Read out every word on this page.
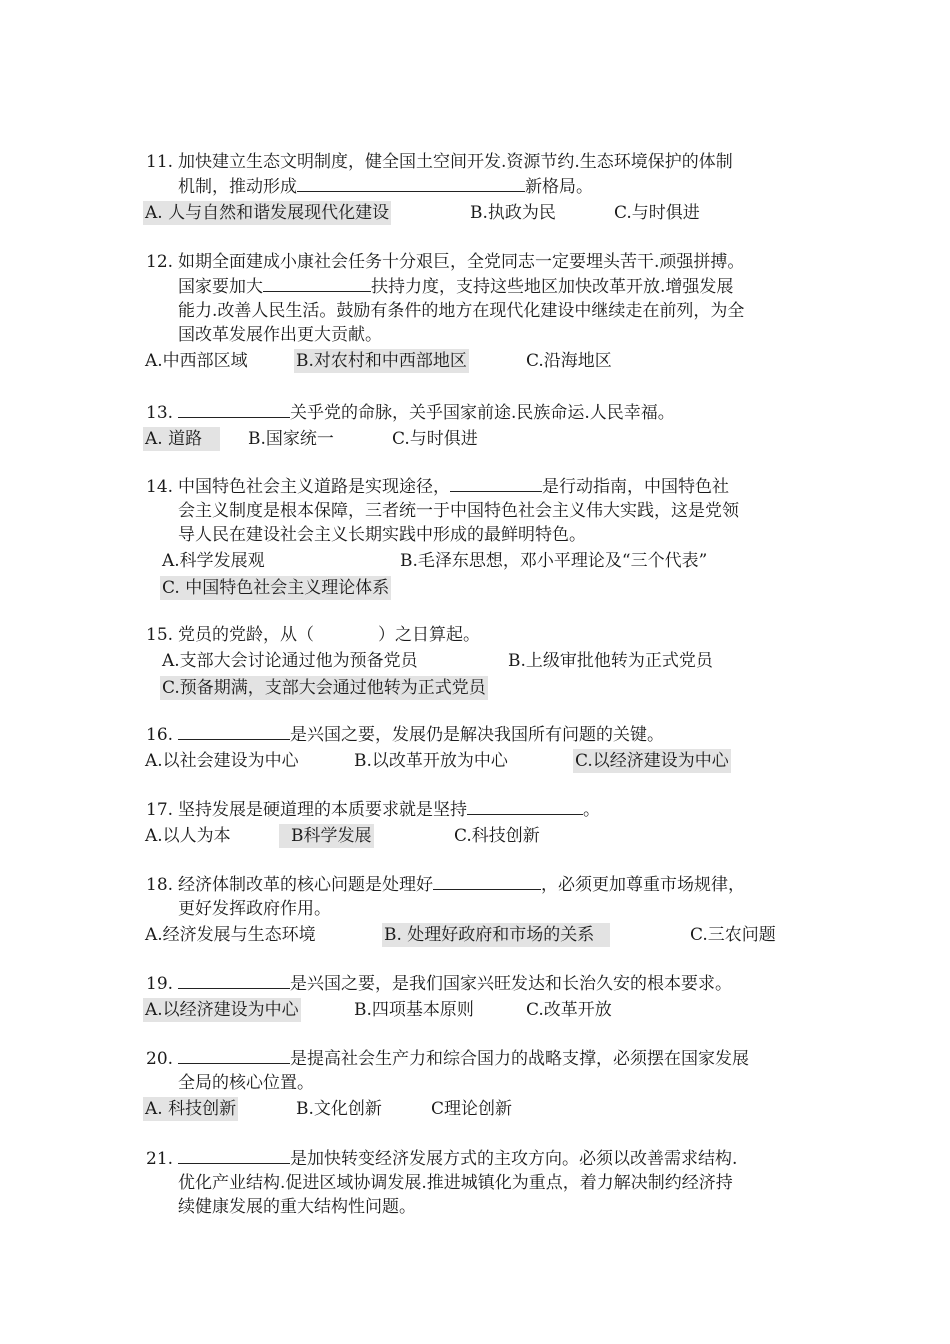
11. 加快建立生态文明制度，健全国土空间开发.资源节约.生态环境保护的体制

机制，推动形成	新格局。

A. 人与自然和谐发展现代化建设	B.执政为民	C.与时俱进

12. 如期全面建成小康社会任务十分艰巨，全党同志一定要埋头苦干.顽强拼搏。

国家要加大	扶持力度，支持这些地区加快改革开放.增强发展

能力.改善人民生活。鼓励有条件的地方在现代化建设中继续走在前列，为全

国改革发展作出更大贡献。

A.中西部区域	B.对农村和中西部地区	C.沿海地区

13.	关乎党的命脉，关乎国家前途.民族命运.人民幸福。

A. 道路	B.国家统一	C.与时俱进

14. 中国特色社会主义道路是实现途径，	是行动指南，中国特色社

会主义制度是根本保障，三者统一于中国特色社会主义伟大实践，这是党领

导人民在建设社会主义长期实践中形成的最鲜明特色。

A.科学发展观	B.毛泽东思想，邓小平理论及“三个代表”
C. 中国特色社会主义理论体系

15. 党员的党龄，从（	）之日算起。

A.支部大会讨论通过他为预备党员	B.上级审批他转为正式党员
C.预备期满，支部大会通过他转为正式党员

16.	是兴国之要，发展仍是解决我国所有问题的关键。

A.以社会建设为中心	B.以改革开放为中心	C.以经济建设为中心

17. 坚持发展是硬道理的本质要求就是坚持	。

A.以人为本	B科学发展	C.科技创新

18. 经济体制改革的核心问题是处理好	，必须更加尊重市场规律，

更好发挥政府作用。

A.经济发展与生态环境	B. 处理好政府和市场的关系	C.三农问题

19.	是兴国之要，是我们国家兴旺发达和长治久安的根本要求。

A.以经济建设为中心	B.四项基本原则	C.改革开放

20.	是提高社会生产力和综合国力的战略支撑，必须摆在国家发展

全局的核心位置。

A. 科技创新	B.文化创新	C理论创新

21.	是加快转变经济发展方式的主攻方向。必须以改善需求结构.

优化产业结构.促进区域协调发展.推进城镇化为重点，着力解决制约经济持

续健康发展的重大结构性问题。
